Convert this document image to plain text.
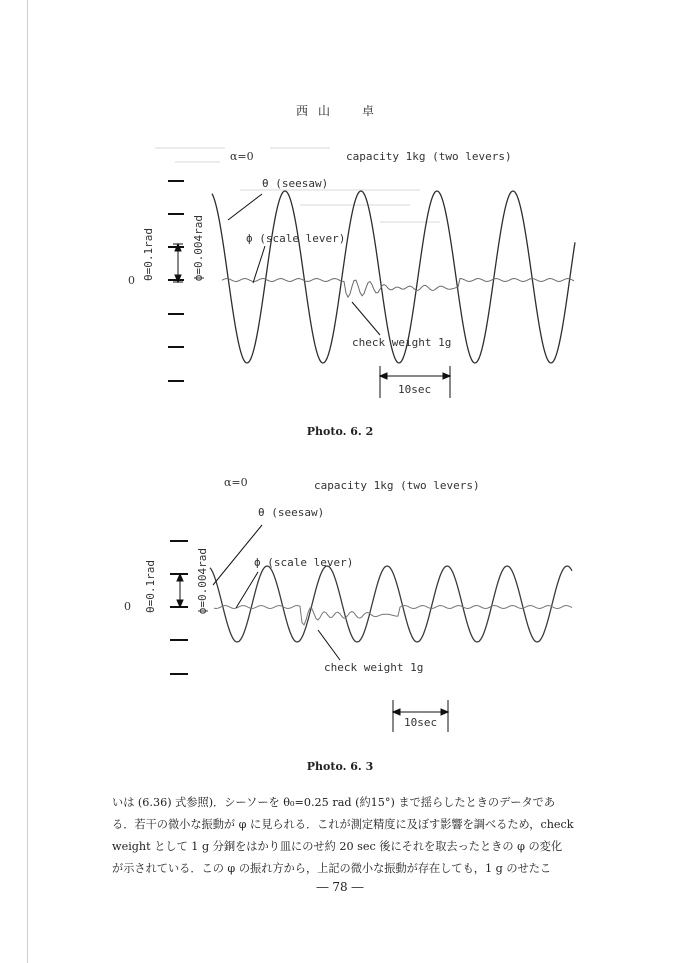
西山　卓
α=0	capacity 1kg (two levers)
θ (seesaw)
ϕ (scale lever)
θ=0.1rad	ϕ=0.004rad
0
check weight 1g
10sec
Photo. 6. 2
α=0	capacity 1kg (two levers)
θ (seesaw)
ϕ (scale lever)
θ=0.1rad	ϕ=0.004rad
0
check weight 1g
10sec
Photo. 6. 3

いは (6.36) 式参照)．シーソーを θ₀=0.25 rad (約15°) まで揺らしたときのデータであ

る．若干の微小な振動が φ に見られる．これが測定精度に及ぼす影響を調べるため，check

weight として 1 g 分銅をはかり皿にのせ約 20 sec 後にそれを取去ったときの φ の変化

が示されている．この φ の振れ方から，上記の微小な振動が存在しても，1 g のせたこ

― 78 ―
